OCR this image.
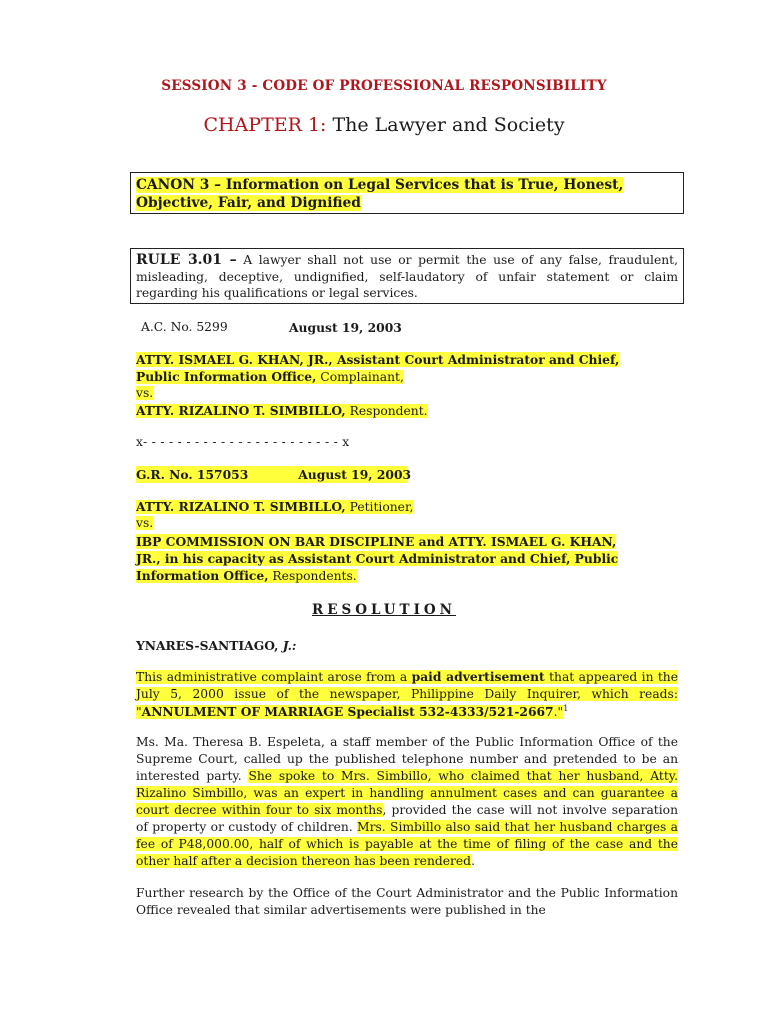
SESSION 3 - CODE OF PROFESSIONAL RESPONSIBILITY
CHAPTER 1: The Lawyer and Society
CANON 3 – Information on Legal Services that is True, Honest,
Objective, Fair, and Dignified
RULE 3.01 – A lawyer shall not use or permit the use of any false, fraudulent, misleading, deceptive, undignified, self-laudatory of unfair statement or claim regarding his qualifications or legal services.
A.C. No. 5299	August 19, 2003
ATTY. ISMAEL G. KHAN, JR., Assistant Court Administrator and Chief,
Public Information Office, Complainant,
vs.
ATTY. RIZALINO T. SIMBILLO, Respondent.
x- - - - - - - - - - - - - - - - - - - - - - - x
G.R. No. 157053	August 19, 2003
ATTY. RIZALINO T. SIMBILLO, Petitioner,
vs.
IBP COMMISSION ON BAR DISCIPLINE and ATTY. ISMAEL G. KHAN,
JR., in his capacity as Assistant Court Administrator and Chief, Public
Information Office, Respondents.
RESOLUTION
YNARES-SANTIAGO, J.:
This administrative complaint arose from a paid advertisement that appeared in the July 5, 2000 issue of the newspaper, Philippine Daily Inquirer, which reads: "ANNULMENT OF MARRIAGE Specialist 532-4333/521-2667."$^1$
Ms. Ma. Theresa B. Espeleta, a staff member of the Public Information Office of the Supreme Court, called up the published telephone number and pretended to be an interested party. She spoke to Mrs. Simbillo, who claimed that her husband, Atty. Rizalino Simbillo, was an expert in handling annulment cases and can guarantee a court decree within four to six months, provided the case will not involve separation of property or custody of children. Mrs. Simbillo also said that her husband charges a fee of P48,000.00, half of which is payable at the time of filing of the case and the other half after a decision thereon has been rendered.
Further research by the Office of the Court Administrator and the Public Information Office revealed that similar advertisements were published in the
